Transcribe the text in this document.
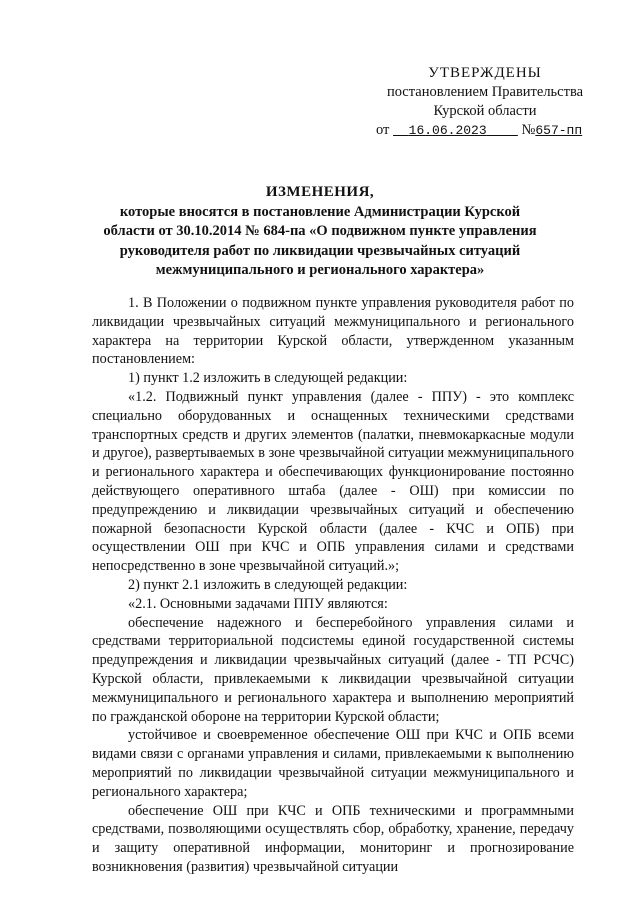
УТВЕРЖДЕНЫ
постановлением Правительства
Курской области
от 16.06.2023 №657-пп
ИЗМЕНЕНИЯ,
которые вносятся в постановление Администрации Курской области от 30.10.2014 № 684-па «О подвижном пункте управления руководителя работ по ликвидации чрезвычайных ситуаций межмуниципального и регионального характера»

1. В Положении о подвижном пункте управления руководителя работ по ликвидации чрезвычайных ситуаций межмуниципального и регионального характера на территории Курской области, утвержденном указанным постановлением:

1) пункт 1.2 изложить в следующей редакции:

«1.2. Подвижный пункт управления (далее - ППУ) - это комплекс специально оборудованных и оснащенных техническими средствами транспортных средств и других элементов (палатки, пневмокаркасные модули и другое), развертываемых в зоне чрезвычайной ситуации межмуниципального и регионального характера и обеспечивающих функционирование постоянно действующего оперативного штаба (далее - ОШ) при комиссии по предупреждению и ликвидации чрезвычайных ситуаций и обеспечению пожарной безопасности Курской области (далее - КЧС и ОПБ) при осуществлении ОШ при КЧС и ОПБ управления силами и средствами непосредственно в зоне чрезвычайной ситуаций.»;

2) пункт 2.1 изложить в следующей редакции:

«2.1. Основными задачами ППУ являются:

обеспечение надежного и бесперебойного управления силами и средствами территориальной подсистемы единой государственной системы предупреждения и ликвидации чрезвычайных ситуаций (далее - ТП РСЧС) Курской области, привлекаемыми к ликвидации чрезвычайной ситуации межмуниципального и регионального характера и выполнению мероприятий по гражданской обороне на территории Курской области;

устойчивое и своевременное обеспечение ОШ при КЧС и ОПБ всеми видами связи с органами управления и силами, привлекаемыми к выполнению мероприятий по ликвидации чрезвычайной ситуации межмуниципального и регионального характера;

обеспечение ОШ при КЧС и ОПБ техническими и программными средствами, позволяющими осуществлять сбор, обработку, хранение, передачу и защиту оперативной информации, мониторинг и прогнозирование возникновения (развития) чрезвычайной ситуации
